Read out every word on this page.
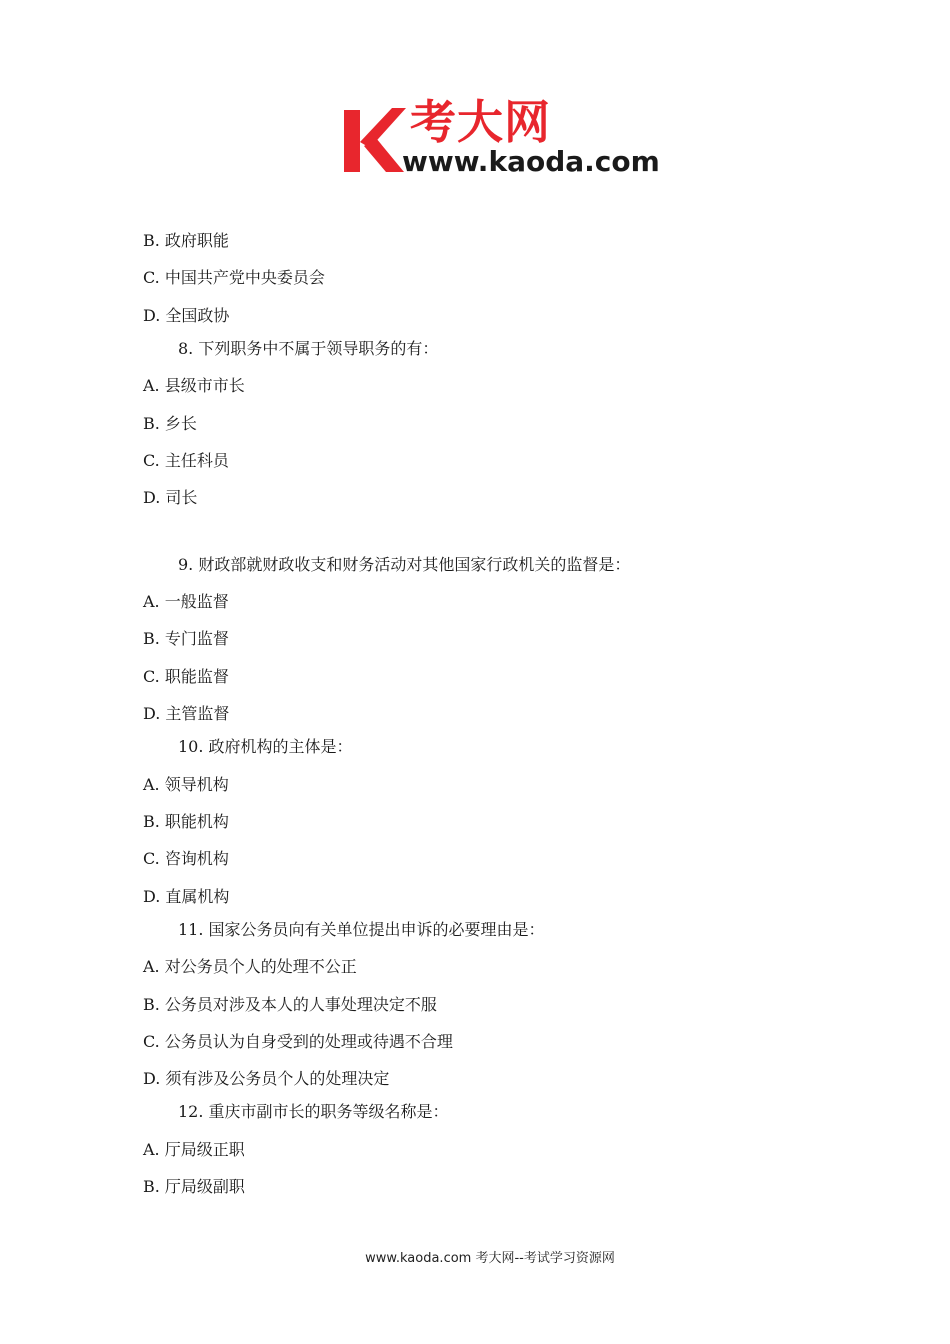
考大网
www.kaoda.com
B. 政府职能
C. 中国共产党中央委员会
D. 全国政协
8. 下列职务中不属于领导职务的有：
A. 县级市市长
B. 乡长
C. 主任科员
D. 司长
9. 财政部就财政收支和财务活动对其他国家行政机关的监督是：
A. 一般监督
B. 专门监督
C. 职能监督
D. 主管监督
10. 政府机构的主体是：
A. 领导机构
B. 职能机构
C. 咨询机构
D. 直属机构
11. 国家公务员向有关单位提出申诉的必要理由是：
A. 对公务员个人的处理不公正
B. 公务员对涉及本人的人事处理决定不服
C. 公务员认为自身受到的处理或待遇不合理
D. 须有涉及公务员个人的处理决定
12. 重庆市副市长的职务等级名称是：
A. 厅局级正职
B. 厅局级副职
www.kaoda.com 考大网--考试学习资源网
